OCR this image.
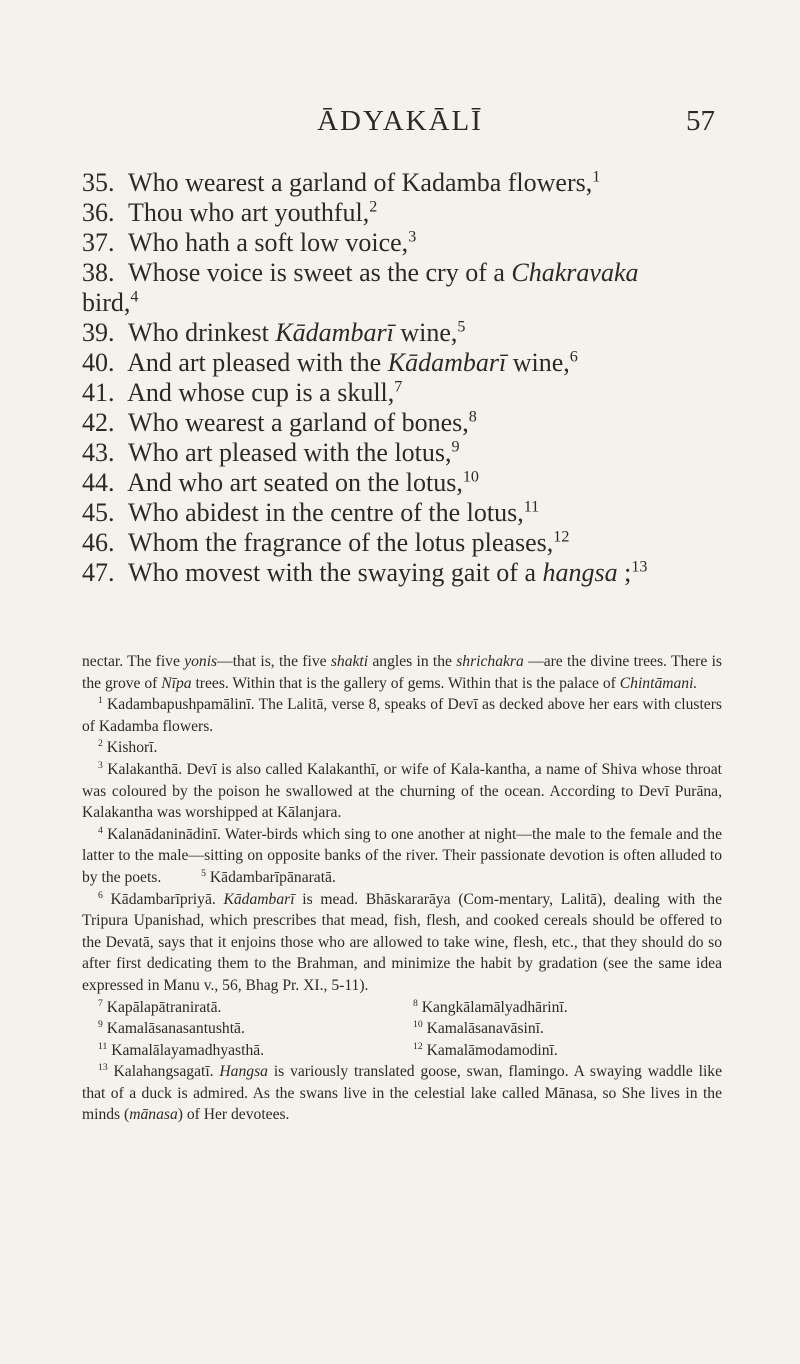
ĀDYAKĀLĪ	57
35. Who wearest a garland of Kadamba flowers,$^1$
36. Thou who art youthful,$^2$
37. Who hath a soft low voice,$^3$
38. Whose voice is sweet as the cry of a Chakravaka
bird,$^4$
39. Who drinkest Kādambarī wine,$^5$
40. And art pleased with the Kādambarī wine,$^6$
41. And whose cup is a skull,$^7$
42. Who wearest a garland of bones,$^8$
43. Who art pleased with the lotus,$^9$
44. And who art seated on the lotus,$^{10}$
45. Who abidest in the centre of the lotus,$^{11}$
46. Whom the fragrance of the lotus pleases,$^{12}$
47. Who movest with the swaying gait of a hangsa ;$^{13}$

nectar. The five yonis—that is, the five shakti angles in the shrichakra —are the divine trees. There is the grove of Nīpa trees. Within that is the gallery of gems. Within that is the palace of Chintāmani.

$^1$ Kadambapushpamālinī. The Lalitā, verse 8, speaks of Devī as decked above her ears with clusters of Kadamba flowers.

$^2$ Kishorī.

$^3$ Kalakanthā. Devī is also called Kalakanthī, or wife of Kala-kantha, a name of Shiva whose throat was coloured by the poison he swallowed at the churning of the ocean. According to Devī Purāna, Kalakantha was worshipped at Kālanjara.

$^4$ Kalanādaninādinī. Water-birds which sing to one another at night—the male to the female and the latter to the male—sitting on opposite banks of the river. Their passionate devotion is often alluded to by the poets.	$^5$ Kādambarīpānaratā.

$^6$ Kādambarīpriyā. Kādambarī is mead. Bhāskararāya (Com-mentary, Lalitā), dealing with the Tripura Upanishad, which prescribes that mead, fish, flesh, and cooked cereals should be offered to the Devatā, says that it enjoins those who are allowed to take wine, flesh, etc., that they should do so after first dedicating them to the Brahman, and minimize the habit by gradation (see the same idea expressed in Manu v., 56, Bhag Pr. XI., 5-11).

$^7$ Kapālapātraniratā.	$^8$ Kangkālamālyadhārinī.
$^9$ Kamalāsanasantushtā.	$^{10}$ Kamalāsanavāsinī.
$^{11}$ Kamalālayamadhyasthā.	$^{12}$ Kamalāmodamodinī.

$^{13}$ Kalahangsagatī. Hangsa is variously translated goose, swan, flamingo. A swaying waddle like that of a duck is admired. As the swans live in the celestial lake called Mānasa, so She lives in the minds (mānasa) of Her devotees.
